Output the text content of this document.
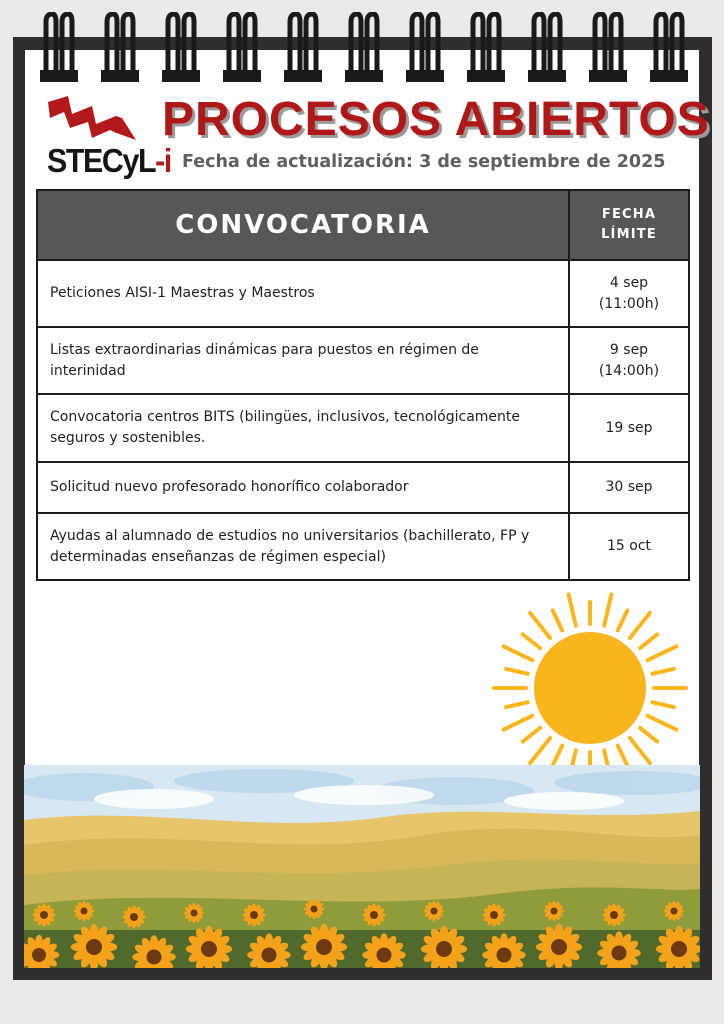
STECyL-i
PROCESOS ABIERTOS
Fecha de actualización: 3 de septiembre de 2025
CONVOCATORIA	FECHA
LÍMITE

Peticiones AISI-1 Maestras y Maestros	4 sep
(11:00h)

Listas extraordinarias dinámicas para puestos en régimen de interinidad	9 sep
(14:00h)

Convocatoria centros BITS (bilingües, inclusivos, tecnológicamente seguros y sostenibles.	19 sep

Solicitud nuevo profesorado honorífico colaborador	30 sep

Ayudas al alumnado de estudios no universitarios (bachillerato, FP y determinadas enseñanzas de régimen especial)	15 oct
